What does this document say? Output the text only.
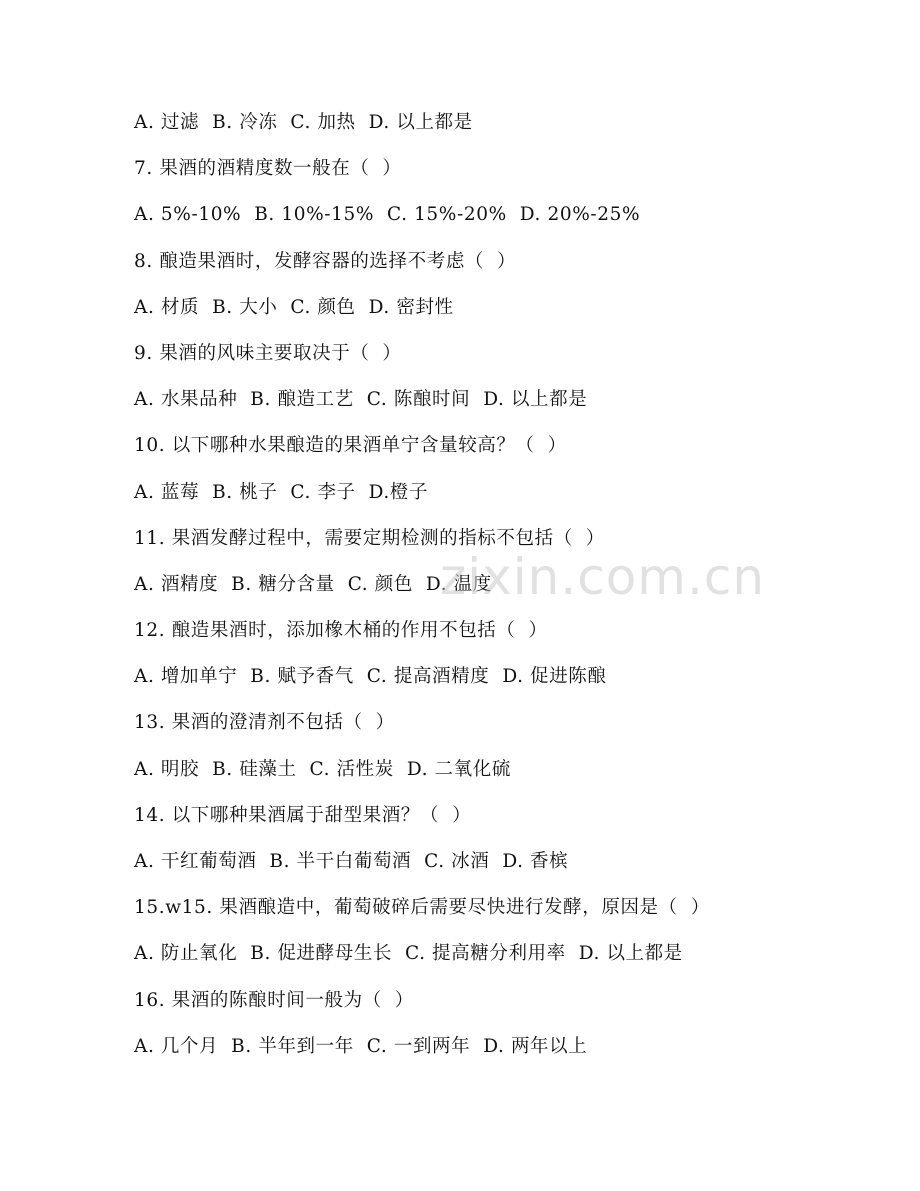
A. 过滤  B. 冷冻  C. 加热  D. 以上都是
7. 果酒的酒精度数一般在（  ）
A. 5%-10%  B. 10%-15%  C. 15%-20%  D. 20%-25%
8. 酿造果酒时，发酵容器的选择不考虑（  ）
A. 材质  B. 大小  C. 颜色  D. 密封性
9. 果酒的风味主要取决于（  ）
A. 水果品种  B. 酿造工艺  C. 陈酿时间  D. 以上都是
10. 以下哪种水果酿造的果酒单宁含量较高？（  ）
A. 蓝莓  B. 桃子  C. 李子  D.橙子
11. 果酒发酵过程中，需要定期检测的指标不包括（  ）
A. 酒精度  B. 糖分含量  C. 颜色  D. 温度
12. 酿造果酒时，添加橡木桶的作用不包括（  ）
A. 增加单宁  B. 赋予香气  C. 提高酒精度  D. 促进陈酿
13. 果酒的澄清剂不包括（  ）
A. 明胶  B. 硅藻土  C. 活性炭  D. 二氧化硫
14. 以下哪种果酒属于甜型果酒？（  ）
A. 干红葡萄酒  B. 半干白葡萄酒  C. 冰酒  D. 香槟
15.w15. 果酒酿造中，葡萄破碎后需要尽快进行发酵，原因是（  ）
A. 防止氧化  B. 促进酵母生长  C. 提高糖分利用率  D. 以上都是
16. 果酒的陈酿时间一般为（  ）
A. 几个月  B. 半年到一年  C. 一到两年  D. 两年以上
zixin.com.cn
